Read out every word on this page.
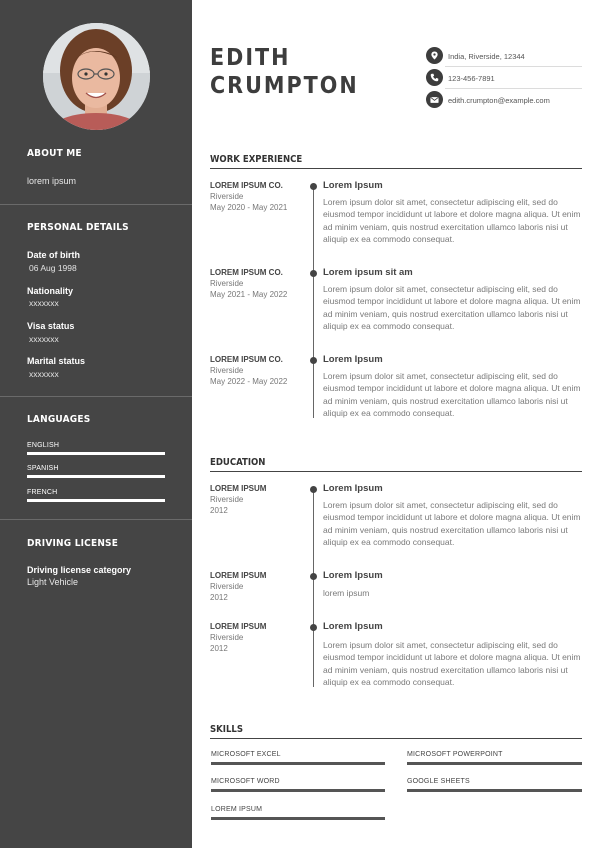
ABOUT ME
lorem ipsum
PERSONAL DETAILS
Date of birth
06 Aug 1998
Nationality
xxxxxxx
Visa status
xxxxxxx
Marital status
xxxxxxx
LANGUAGES
ENGLISH
SPANISH
FRENCH
DRIVING LICENSE
Driving license category
Light Vehicle
EDITH
CRUMPTON
India, Riverside, 12344
123-456-7891
edith.crumpton@example.com
WORK EXPERIENCE
LOREM IPSUM CO.
Riverside
May 2020 - May 2021
Lorem Ipsum
Lorem ipsum dolor sit amet, consectetur adipiscing elit, sed do eiusmod tempor incididunt ut labore et dolore magna aliqua. Ut enim ad minim veniam, quis nostrud exercitation ullamco laboris nisi ut aliquip ex ea commodo consequat.
LOREM IPSUM CO.
Riverside
May 2021 - May 2022
Lorem ipsum sit am
Lorem ipsum dolor sit amet, consectetur adipiscing elit, sed do eiusmod tempor incididunt ut labore et dolore magna aliqua. Ut enim ad minim veniam, quis nostrud exercitation ullamco laboris nisi ut aliquip ex ea commodo consequat.
LOREM IPSUM CO.
Riverside
May 2022 - May 2022
Lorem Ipsum
Lorem ipsum dolor sit amet, consectetur adipiscing elit, sed do eiusmod tempor incididunt ut labore et dolore magna aliqua. Ut enim ad minim veniam, quis nostrud exercitation ullamco laboris nisi ut aliquip ex ea commodo consequat.
EDUCATION
LOREM IPSUM
Riverside
2012
Lorem Ipsum
Lorem ipsum dolor sit amet, consectetur adipiscing elit, sed do eiusmod tempor incididunt ut labore et dolore magna aliqua. Ut enim ad minim veniam, quis nostrud exercitation ullamco laboris nisi ut aliquip ex ea commodo consequat.
LOREM IPSUM
Riverside
2012
Lorem Ipsum
lorem ipsum
LOREM IPSUM
Riverside
2012
Lorem Ipsum
Lorem ipsum dolor sit amet, consectetur adipiscing elit, sed do eiusmod tempor incididunt ut labore et dolore magna aliqua. Ut enim ad minim veniam, quis nostrud exercitation ullamco laboris nisi ut aliquip ex ea commodo consequat.
SKILLS
MICROSOFT EXCEL	MICROSOFT POWERPOINT
MICROSOFT WORD	GOOGLE SHEETS
LOREM IPSUM
